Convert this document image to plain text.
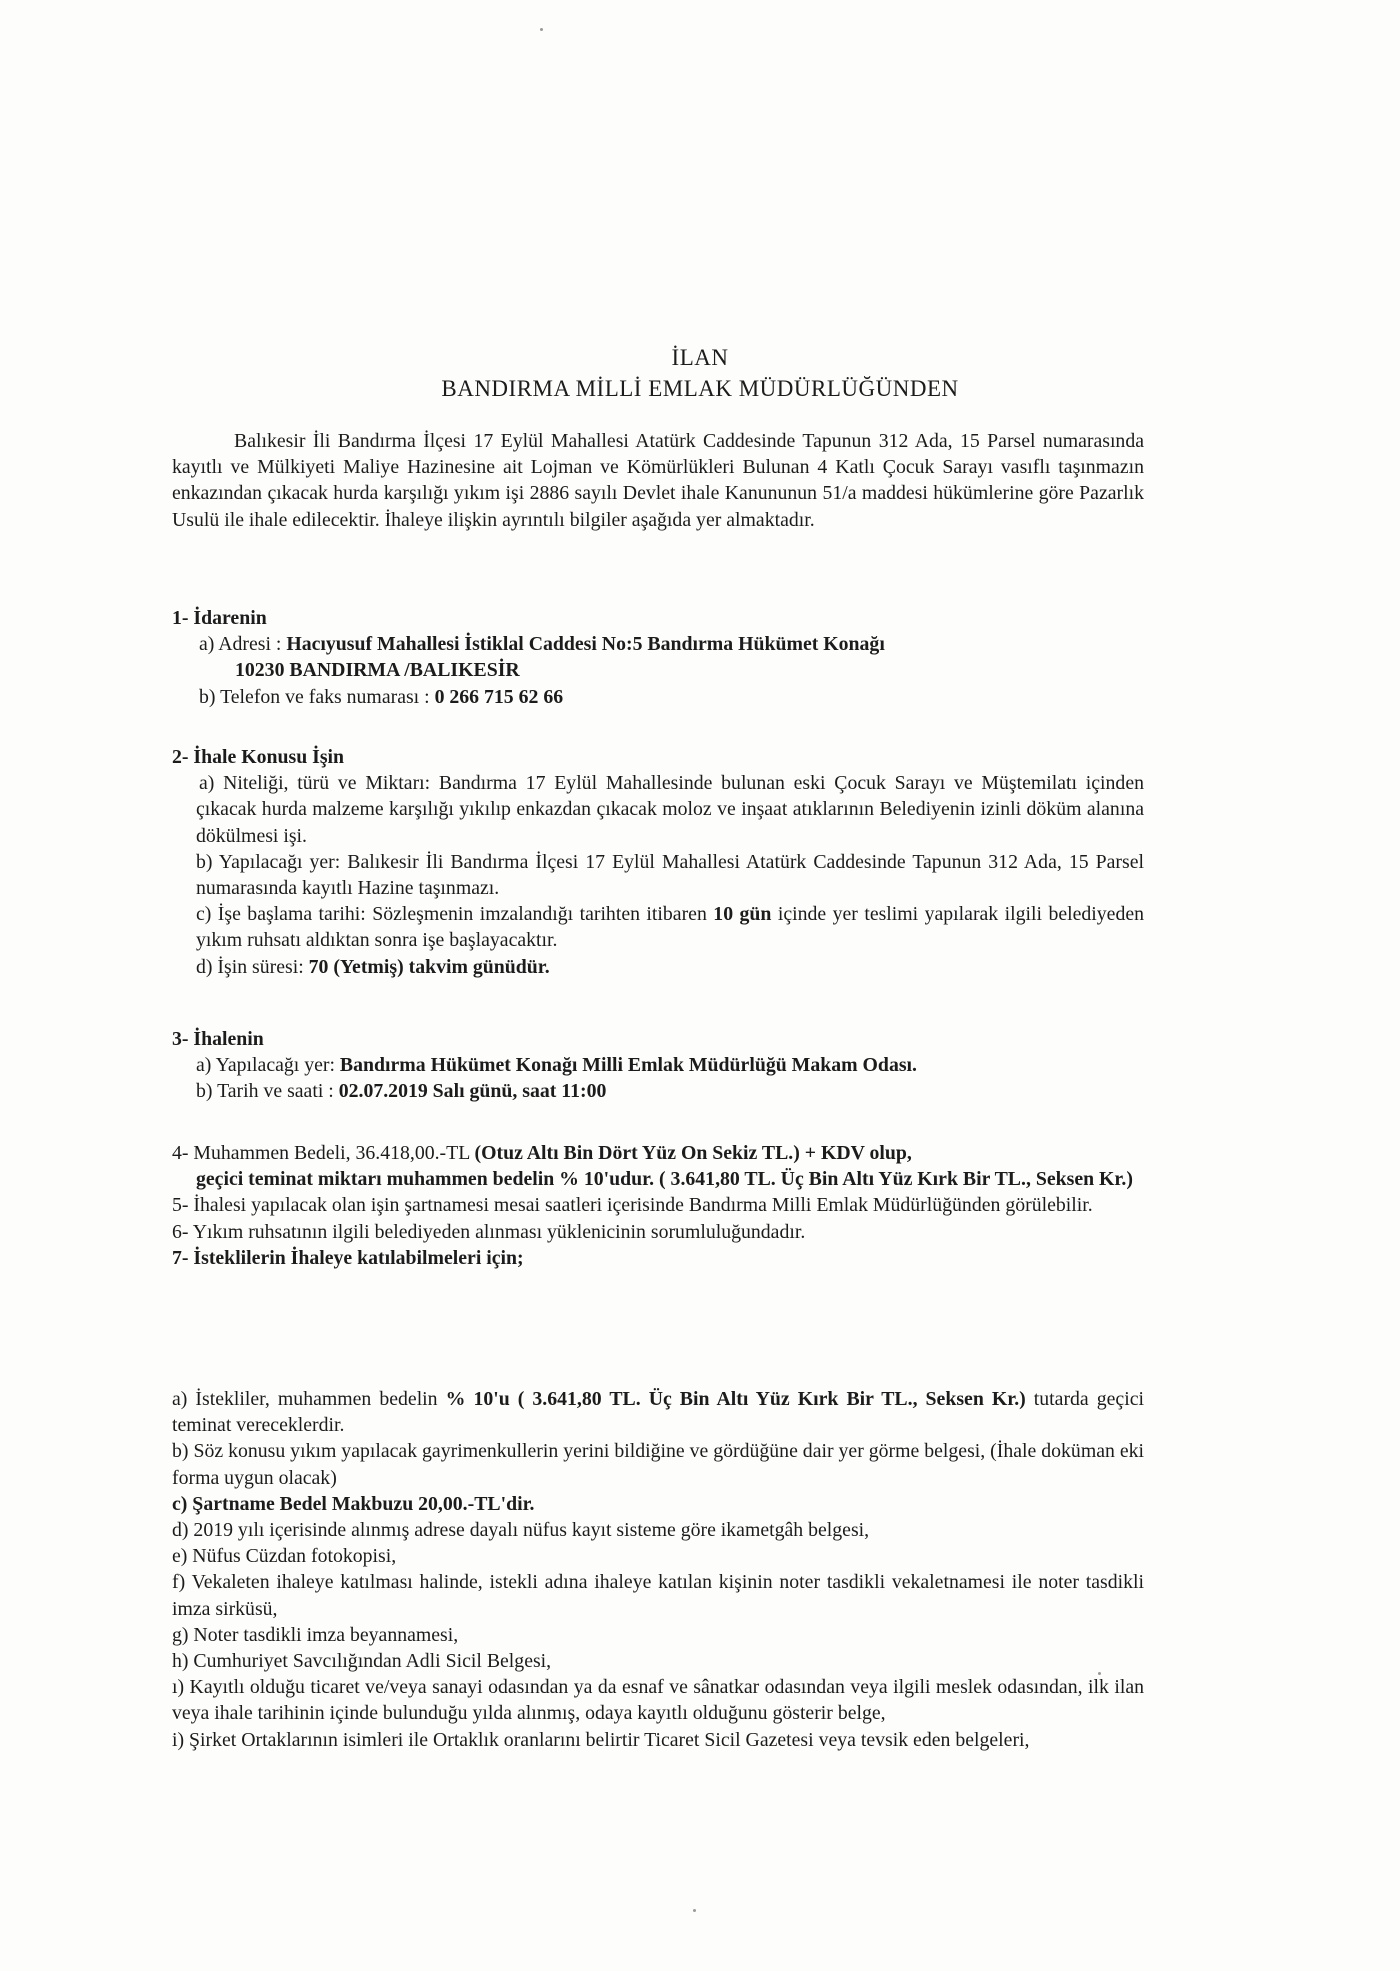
İLAN
BANDIRMA MİLLİ EMLAK MÜDÜRLÜĞÜNDEN
Balıkesir İli Bandırma İlçesi 17 Eylül Mahallesi Atatürk Caddesinde Tapunun 312 Ada, 15 Parsel numarasında kayıtlı ve Mülkiyeti Maliye Hazinesine ait Lojman ve Kömürlükleri Bulunan 4 Katlı Çocuk Sarayı vasıflı taşınmazın enkazından çıkacak hurda karşılığı yıkım işi 2886 sayılı Devlet ihale Kanununun 51/a maddesi hükümlerine göre Pazarlık Usulü ile ihale edilecektir. İhaleye ilişkin ayrıntılı bilgiler aşağıda yer almaktadır.
1- İdarenin
a) Adresi : Hacıyusuf Mahallesi İstiklal Caddesi No:5 Bandırma Hükümet Konağı
10230 BANDIRMA /BALIKESİR
b) Telefon ve faks numarası : 0 266 715 62 66
2- İhale Konusu İşin
a) Niteliği, türü ve Miktarı: Bandırma 17 Eylül Mahallesinde bulunan eski Çocuk Sarayı ve Müştemilatı içinden çıkacak hurda malzeme karşılığı yıkılıp enkazdan çıkacak moloz ve inşaat atıklarının Belediyenin izinli döküm alanına dökülmesi işi.
b) Yapılacağı yer: Balıkesir İli Bandırma İlçesi 17 Eylül Mahallesi Atatürk Caddesinde Tapunun 312 Ada, 15 Parsel numarasında kayıtlı Hazine taşınmazı.
c) İşe başlama tarihi: Sözleşmenin imzalandığı tarihten itibaren 10 gün içinde yer teslimi yapılarak ilgili belediyeden yıkım ruhsatı aldıktan sonra işe başlayacaktır.
d) İşin süresi: 70 (Yetmiş) takvim günüdür.
3- İhalenin
a) Yapılacağı yer: Bandırma Hükümet Konağı Milli Emlak Müdürlüğü Makam Odası.
b) Tarih ve saati : 02.07.2019 Salı günü, saat 11:00
4- Muhammen Bedeli, 36.418,00.-TL (Otuz Altı Bin Dört Yüz On Sekiz TL.) + KDV olup,
geçici teminat miktarı muhammen bedelin % 10'udur. ( 3.641,80 TL. Üç Bin Altı Yüz Kırk Bir TL., Seksen Kr.)
5- İhalesi yapılacak olan işin şartnamesi mesai saatleri içerisinde Bandırma Milli Emlak Müdürlüğünden görülebilir.
6- Yıkım ruhsatının ilgili belediyeden alınması yüklenicinin sorumluluğundadır.
7- İsteklilerin İhaleye katılabilmeleri için;
a) İstekliler, muhammen bedelin % 10'u ( 3.641,80 TL. Üç Bin Altı Yüz Kırk Bir TL., Seksen Kr.) tutarda geçici teminat vereceklerdir.
b) Söz konusu yıkım yapılacak gayrimenkullerin yerini bildiğine ve gördüğüne dair yer görme belgesi, (İhale doküman eki forma uygun olacak)
c) Şartname Bedel Makbuzu 20,00.-TL'dir.
d) 2019 yılı içerisinde alınmış adrese dayalı nüfus kayıt sisteme göre ikametgâh belgesi,
e) Nüfus Cüzdan fotokopisi,
f) Vekaleten ihaleye katılması halinde, istekli adına ihaleye katılan kişinin noter tasdikli vekaletnamesi ile noter tasdikli imza sirküsü,
g) Noter tasdikli imza beyannamesi,
h) Cumhuriyet Savcılığından Adli Sicil Belgesi,
ı) Kayıtlı olduğu ticaret ve/veya sanayi odasından ya da esnaf ve sânatkar odasından veya ilgili meslek odasından, ilk ilan veya ihale tarihinin içinde bulunduğu yılda alınmış, odaya kayıtlı olduğunu gösterir belge,
i) Şirket Ortaklarının isimleri ile Ortaklık oranlarını belirtir Ticaret Sicil Gazetesi veya tevsik eden belgeleri,
